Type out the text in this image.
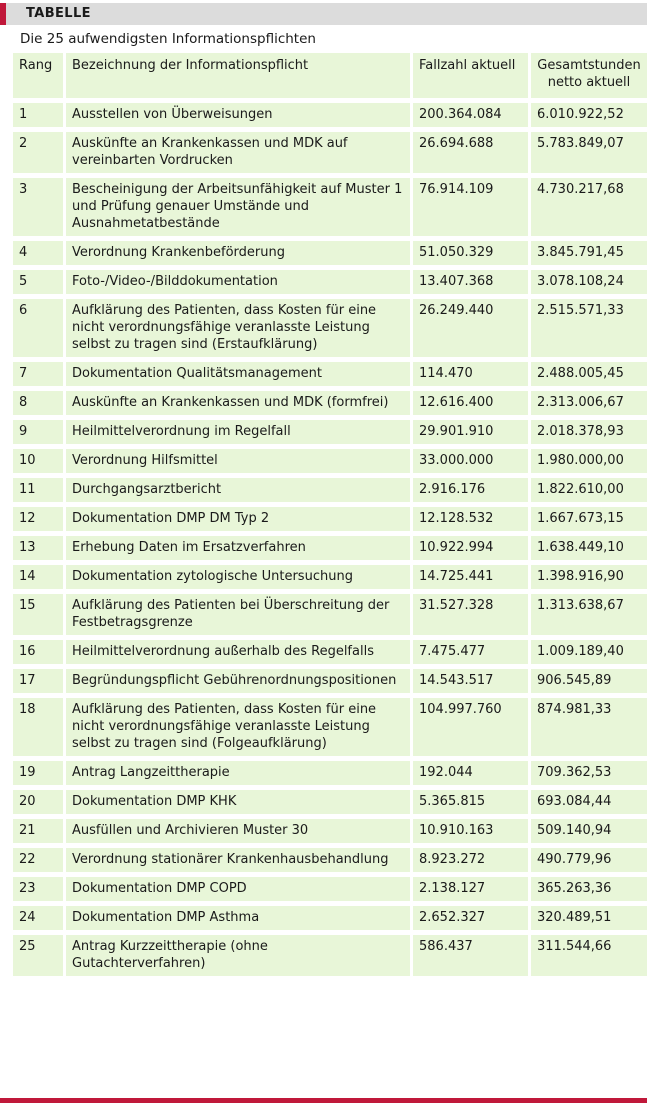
TABELLE
Die 25 aufwendigsten Informationspflichten
Rang	Bezeichnung der Informationspflicht	Fallzahl aktuell	Gesamtstunden netto aktuell
1	Ausstellen von Überweisungen	200.364.084	6.010.922,52
2	Auskünfte an Krankenkassen und MDK auf vereinbarten Vordrucken	26.694.688	5.783.849,07
3	Bescheinigung der Arbeitsunfähigkeit auf Muster 1 und Prüfung genauer Umstände und Ausnahmetatbestände	76.914.109	4.730.217,68
4	Verordnung Krankenbeförderung	51.050.329	3.845.791,45
5	Foto-/Video-/Bilddokumentation	13.407.368	3.078.108,24
6	Aufklärung des Patienten, dass Kosten für eine nicht verordnungsfähige veranlasste Leistung selbst zu tragen sind (Erstaufklärung)	26.249.440	2.515.571,33
7	Dokumentation Qualitätsmanagement	114.470	2.488.005,45
8	Auskünfte an Krankenkassen und MDK (formfrei)	12.616.400	2.313.006,67
9	Heilmittelverordnung im Regelfall	29.901.910	2.018.378,93
10	Verordnung Hilfsmittel	33.000.000	1.980.000,00
11	Durchgangsarztbericht	2.916.176	1.822.610,00
12	Dokumentation DMP DM Typ 2	12.128.532	1.667.673,15
13	Erhebung Daten im Ersatzverfahren	10.922.994	1.638.449,10
14	Dokumentation zytologische Untersuchung	14.725.441	1.398.916,90
15	Aufklärung des Patienten bei Überschreitung der Festbetragsgrenze	31.527.328	1.313.638,67
16	Heilmittelverordnung außerhalb des Regelfalls	7.475.477	1.009.189,40
17	Begründungspflicht Gebührenordnungspositionen	14.543.517	906.545,89
18	Aufklärung des Patienten, dass Kosten für eine nicht verordnungsfähige veranlasste Leistung selbst zu tragen sind (Folgeaufklärung)	104.997.760	874.981,33
19	Antrag Langzeittherapie	192.044	709.362,53
20	Dokumentation DMP KHK	5.365.815	693.084,44
21	Ausfüllen und Archivieren Muster 30	10.910.163	509.140,94
22	Verordnung stationärer Krankenhausbehandlung	8.923.272	490.779,96
23	Dokumentation DMP COPD	2.138.127	365.263,36
24	Dokumentation DMP Asthma	2.652.327	320.489,51
25	Antrag Kurzzeittherapie (ohne Gutachterverfahren)	586.437	311.544,66
